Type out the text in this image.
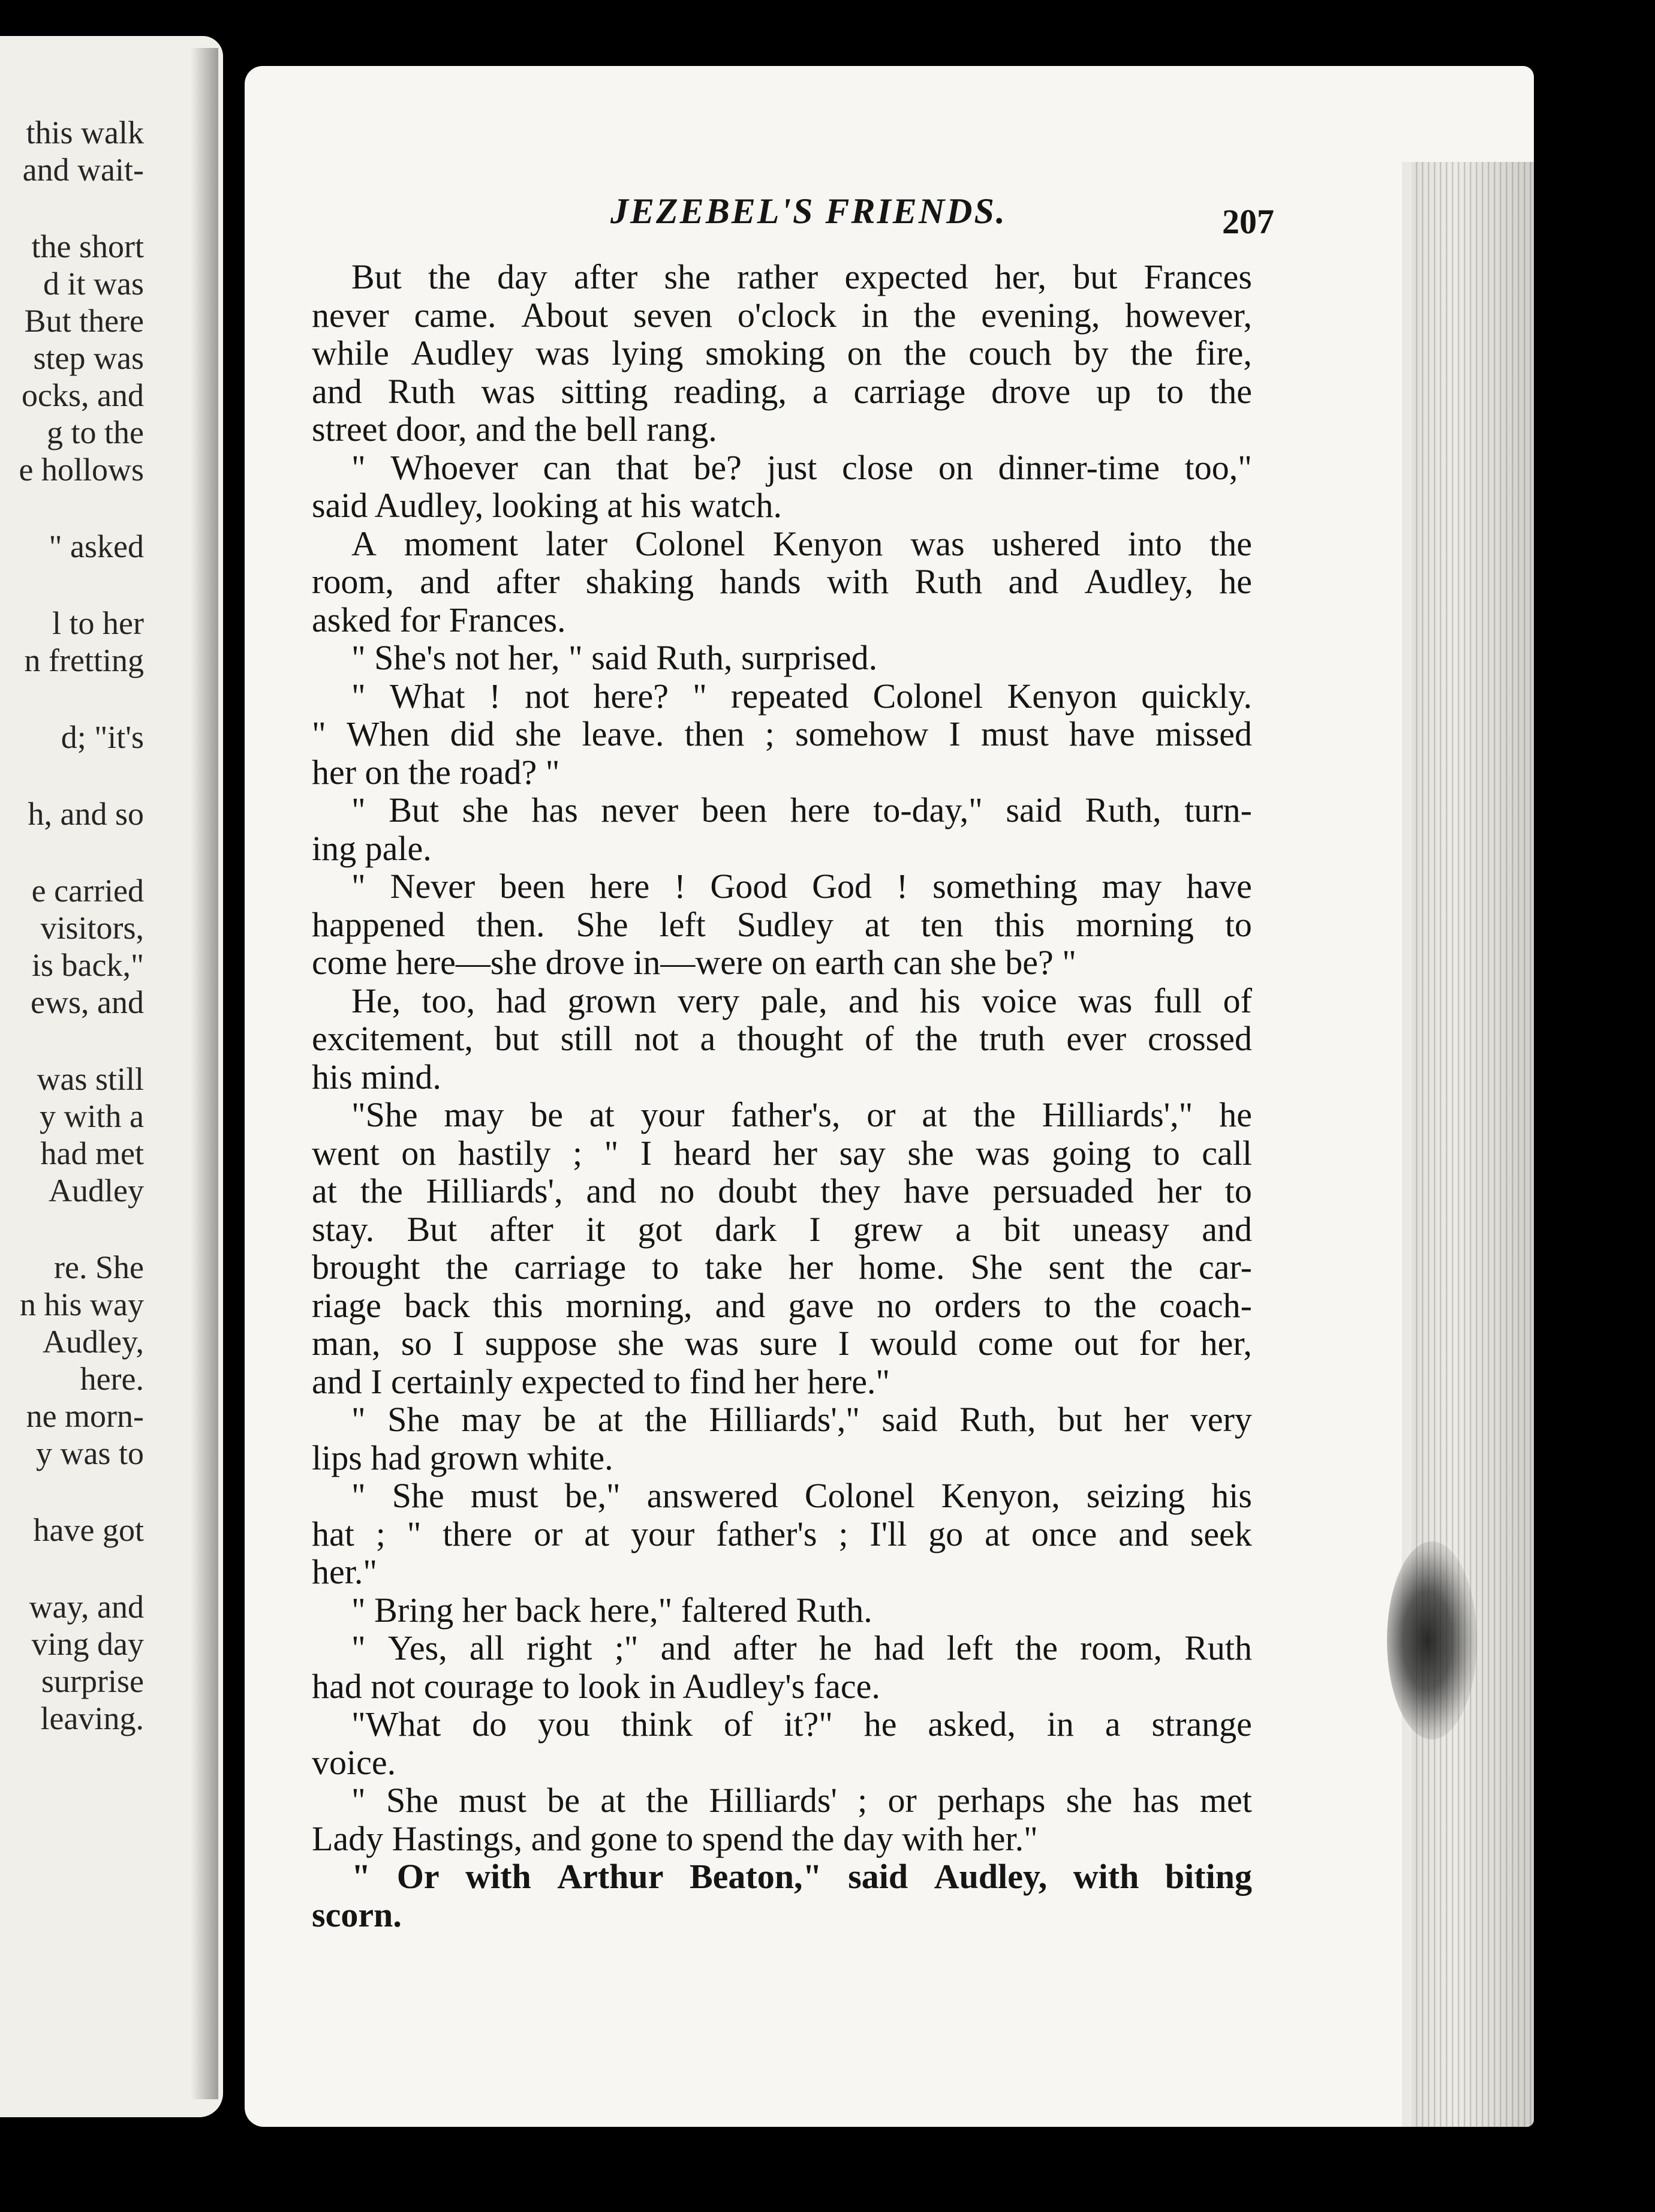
this walk
and wait-
the short
d it was
But there
step was
ocks, and
g to the
e hollows
" asked
l to her
n fretting
d; "it's
h, and so
e carried
visitors,
is back,"
ews, and
was still
y with a
had met
Audley
re. She
n his way
Audley,
here.
ne morn-
y was to
have got
way, and
ving day
surprise
leaving.
JEZEBEL'S FRIENDS.	207
But the day after she rather expected her, but Frances
never came. About seven o'clock in the evening, however,
while Audley was lying smoking on the couch by the fire,
and Ruth was sitting reading, a carriage drove up to the
street door, and the bell rang.
" Whoever can that be? just close on dinner-time too,"
said Audley, looking at his watch.
A moment later Colonel Kenyon was ushered into the
room, and after shaking hands with Ruth and Audley, he
asked for Frances.
" She's not her, " said Ruth, surprised.
" What ! not here? " repeated Colonel Kenyon quickly.
" When did she leave. then ; somehow I must have missed
her on the road? "
" But she has never been here to-day," said Ruth, turn-
ing pale.
" Never been here ! Good God ! something may have
happened then. She left Sudley at ten this morning to
come here—she drove in—were on earth can she be? "
He, too, had grown very pale, and his voice was full of
excitement, but still not a thought of the truth ever crossed
his mind.
"She may be at your father's, or at the Hilliards'," he
went on hastily ; " I heard her say she was going to call
at the Hilliards', and no doubt they have persuaded her to
stay. But after it got dark I grew a bit uneasy and
brought the carriage to take her home. She sent the car-
riage back this morning, and gave no orders to the coach-
man, so I suppose she was sure I would come out for her,
and I certainly expected to find her here."
" She may be at the Hilliards'," said Ruth, but her very
lips had grown white.
" She must be," answered Colonel Kenyon, seizing his
hat ; " there or at your father's ; I'll go at once and seek
her."
" Bring her back here," faltered Ruth.
" Yes, all right ;" and after he had left the room, Ruth
had not courage to look in Audley's face.
"What do you think of it?" he asked, in a strange
voice.
" She must be at the Hilliards' ; or perhaps she has met
Lady Hastings, and gone to spend the day with her."
" Or with Arthur Beaton," said Audley, with biting
scorn.
